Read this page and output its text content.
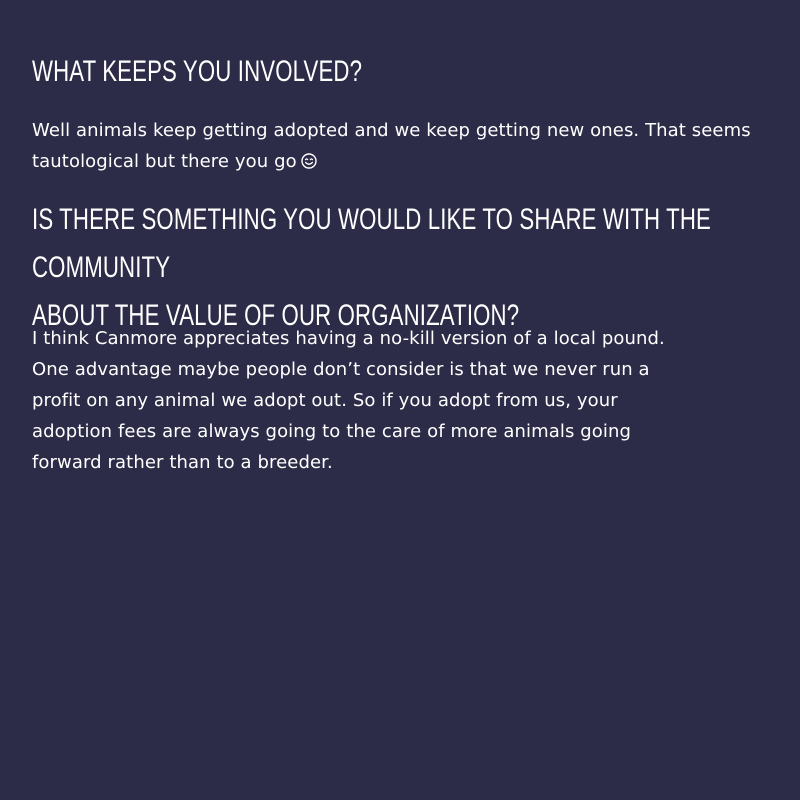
WHAT KEEPS YOU INVOLVED?

Well animals keep getting adopted and we keep getting new ones. That seems tautological but there you go

IS THERE SOMETHING YOU WOULD LIKE TO SHARE WITH THE COMMUNITY
ABOUT THE VALUE OF OUR ORGANIZATION?

I think Canmore appreciates having a no-kill version of a local pound.
One advantage maybe people don’t consider is that we never run a
profit on any animal we adopt out. So if you adopt from us, your
adoption fees are always going to the care of more animals going
forward rather than to a breeder.
